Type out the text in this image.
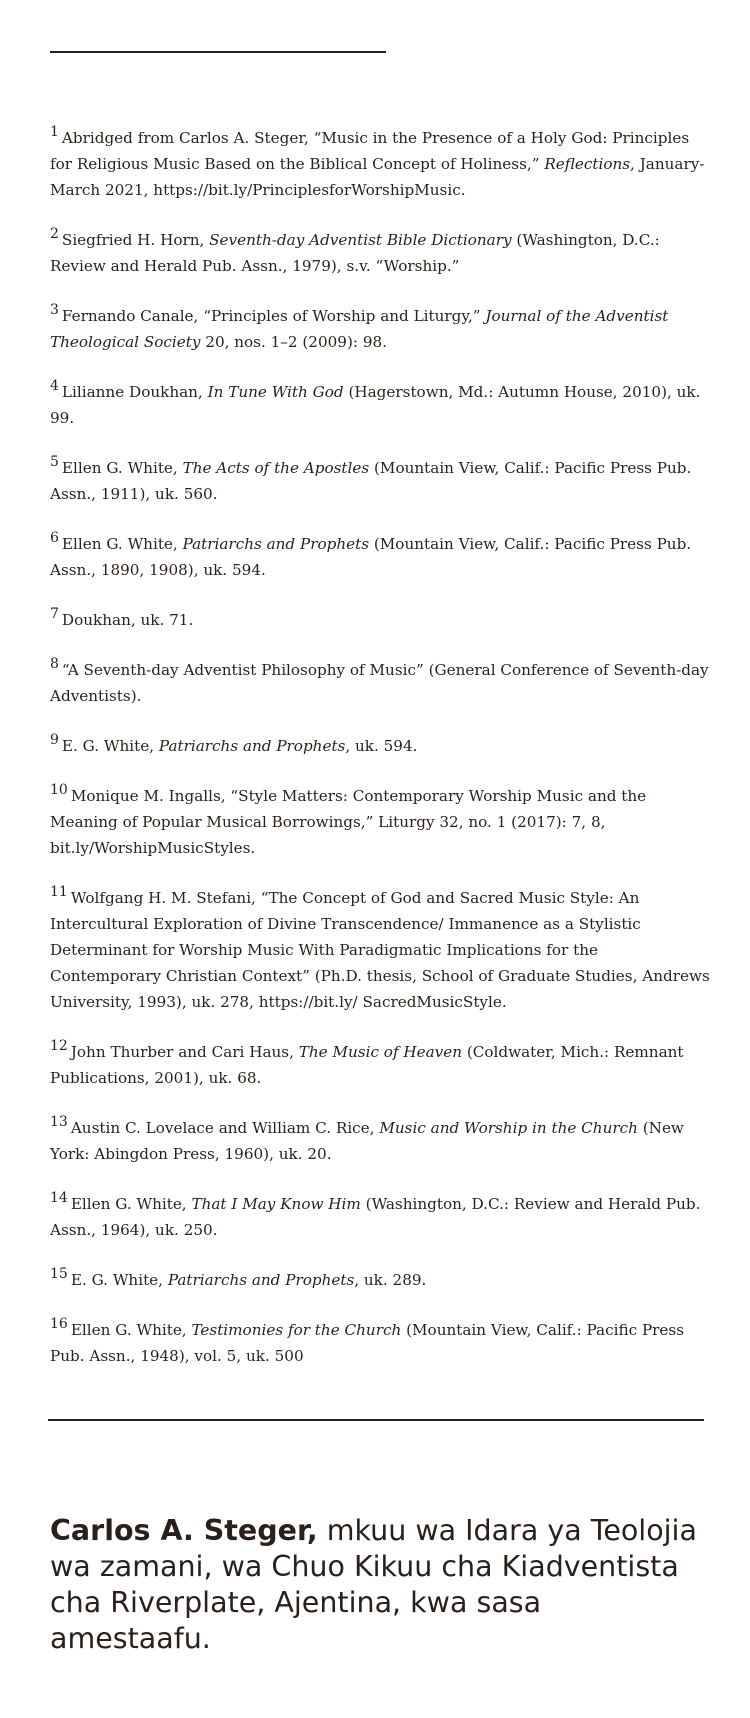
$^1$ Abridged from Carlos A. Steger, “Music in the Presence of a Holy God: Principles for Religious Music Based on the Biblical Concept of Holiness,” Reflections, January-March 2021, https://bit.ly/PrinciplesforWorshipMusic.

$^2$ Siegfried H. Horn, Seventh-day Adventist Bible Dictionary (Washington, D.C.: Review and Herald Pub. Assn., 1979), s.v. “Worship.”

$^3$ Fernando Canale, “Principles of Worship and Liturgy,” Journal of the Adventist Theological Society 20, nos. 1–2 (2009): 98.

$^4$ Lilianne Doukhan, In Tune With God (Hagerstown, Md.: Autumn House, 2010), uk. 99.

$^5$ Ellen G. White, The Acts of the Apostles (Mountain View, Calif.: Pacific Press Pub. Assn., 1911), uk. 560.

$^6$ Ellen G. White, Patriarchs and Prophets (Mountain View, Calif.: Pacific Press Pub. Assn., 1890, 1908), uk. 594.

$^7$ Doukhan, uk. 71.

$^8$ “A Seventh-day Adventist Philosophy of Music” (General Conference of Seventh-day Adventists).

$^9$ E. G. White, Patriarchs and Prophets, uk. 594.

$^{10}$ Monique M. Ingalls, “Style Matters: Contemporary Worship Music and the Meaning of Popular Musical Borrowings,” Liturgy 32, no. 1 (2017): 7, 8, bit.ly/WorshipMusicStyles.

$^{11}$ Wolfgang H. M. Stefani, “The Concept of God and Sacred Music Style: An Intercultural Exploration of Divine Transcendence/ Immanence as a Stylistic Determinant for Worship Music With Paradigmatic Implications for the Contemporary Christian Context” (Ph.D. thesis, School of Graduate Studies, Andrews University, 1993), uk. 278, https://bit.ly/ SacredMusicStyle.

$^{12}$ John Thurber and Cari Haus, The Music of Heaven (Coldwater, Mich.: Remnant Publications, 2001), uk. 68.

$^{13}$ Austin C. Lovelace and William C. Rice, Music and Worship in the Church (New York: Abingdon Press, 1960), uk. 20.

$^{14}$ Ellen G. White, That I May Know Him (Washington, D.C.: Review and Herald Pub. Assn., 1964), uk. 250.

$^{15}$ E. G. White, Patriarchs and Prophets, uk. 289.

$^{16}$ Ellen G. White, Testimonies for the Church (Mountain View, Calif.: Pacific Press Pub. Assn., 1948), vol. 5, uk. 500

Carlos A. Steger, mkuu wa Idara ya Teolojia wa zamani, wa Chuo Kikuu cha Kiadventista cha Riverplate, Ajentina, kwa sasa amestaafu.
